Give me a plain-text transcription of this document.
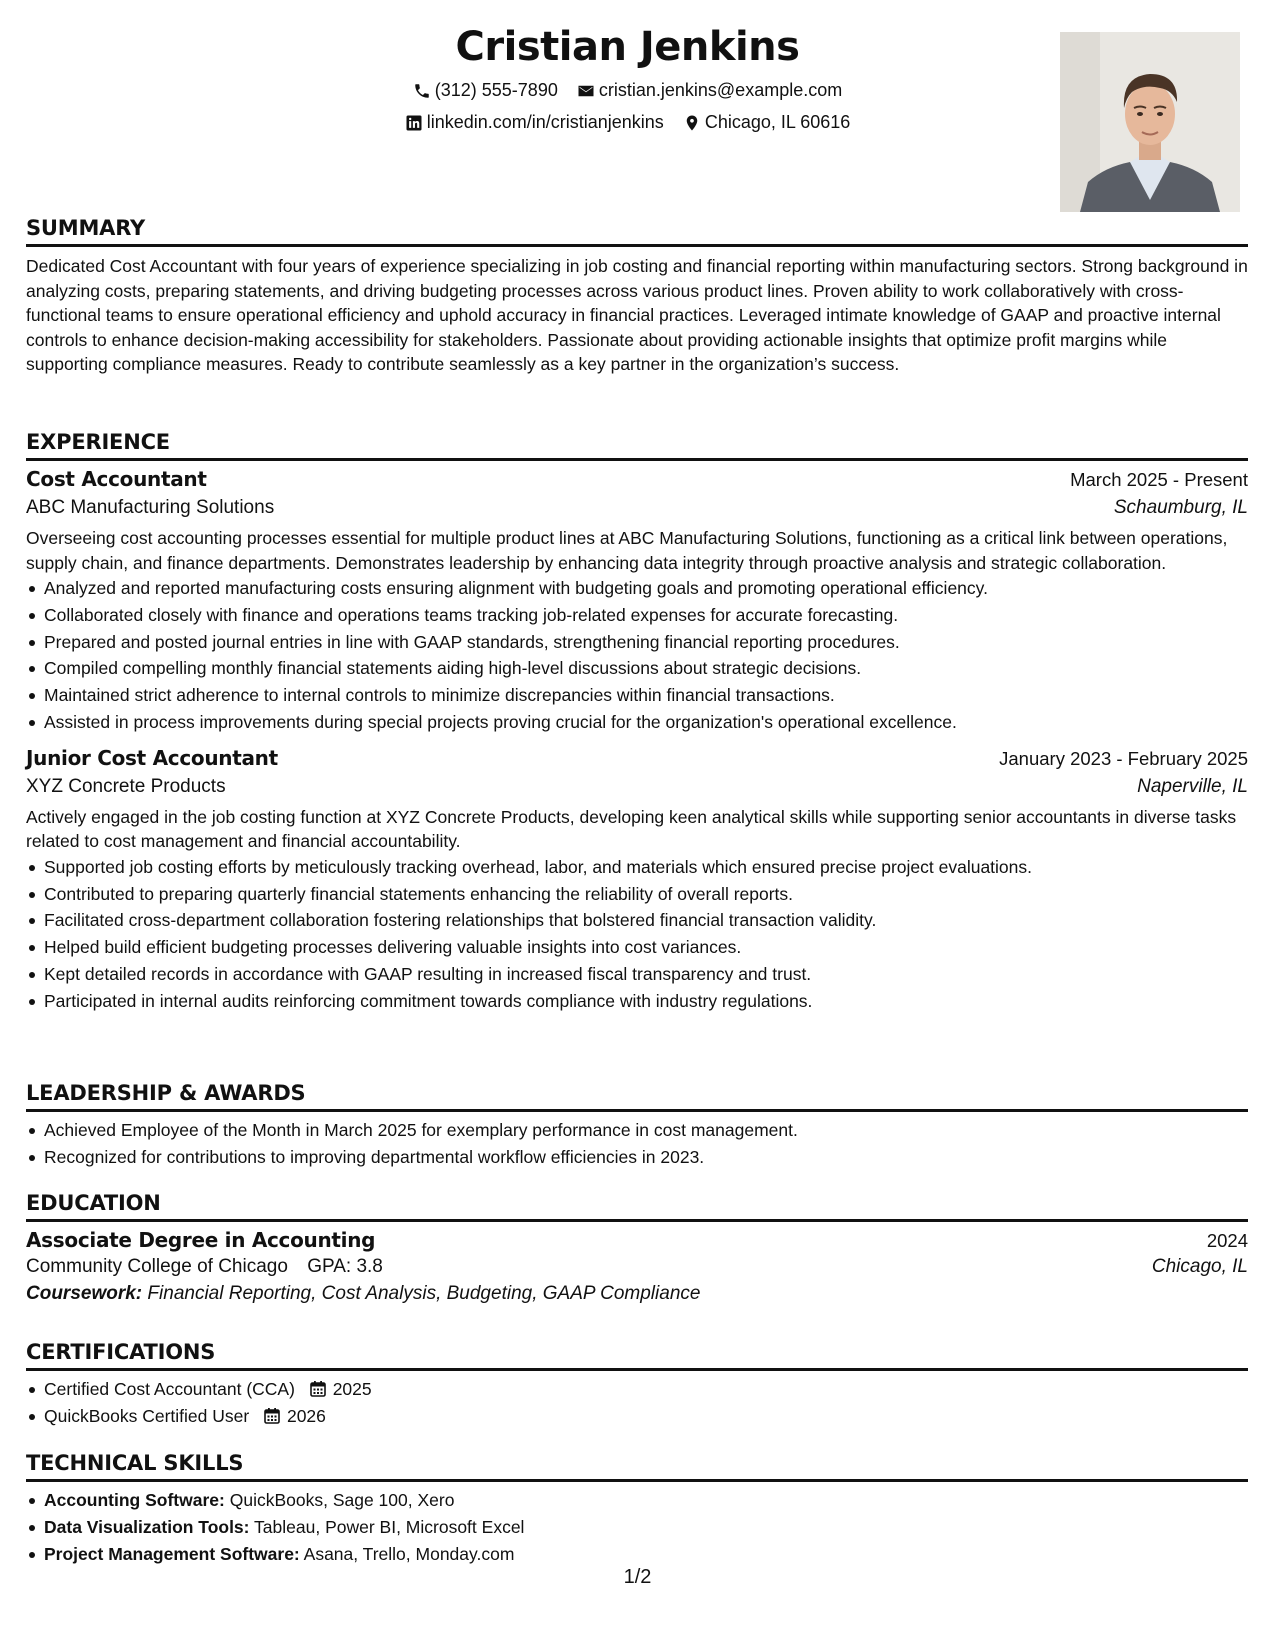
Cristian Jenkins
(312) 555-7890
cristian.jenkins@example.com
linkedin.com/in/cristianjenkins
Chicago, IL 60616
SUMMARY
Dedicated Cost Accountant with four years of experience specializing in job costing and financial reporting within manufacturing sectors. Strong background in analyzing costs, preparing statements, and driving budgeting processes across various product lines. Proven ability to work collaboratively with cross-functional teams to ensure operational efficiency and uphold accuracy in financial practices. Leveraged intimate knowledge of GAAP and proactive internal controls to enhance decision-making accessibility for stakeholders. Passionate about providing actionable insights that optimize profit margins while supporting compliance measures. Ready to contribute seamlessly as a key partner in the organization’s success.
EXPERIENCE
Cost Accountant	March 2025 - Present
ABC Manufacturing Solutions	Schaumburg, IL
Overseeing cost accounting processes essential for multiple product lines at ABC Manufacturing Solutions, functioning as a critical link between operations, supply chain, and finance departments. Demonstrates leadership by enhancing data integrity through proactive analysis and strategic collaboration.
Analyzed and reported manufacturing costs ensuring alignment with budgeting goals and promoting operational efficiency.
Collaborated closely with finance and operations teams tracking job-related expenses for accurate forecasting.
Prepared and posted journal entries in line with GAAP standards, strengthening financial reporting procedures.
Compiled compelling monthly financial statements aiding high-level discussions about strategic decisions.
Maintained strict adherence to internal controls to minimize discrepancies within financial transactions.
Assisted in process improvements during special projects proving crucial for the organization's operational excellence.
Junior Cost Accountant	January 2023 - February 2025
XYZ Concrete Products	Naperville, IL
Actively engaged in the job costing function at XYZ Concrete Products, developing keen analytical skills while supporting senior accountants in diverse tasks related to cost management and financial accountability.
Supported job costing efforts by meticulously tracking overhead, labor, and materials which ensured precise project evaluations.
Contributed to preparing quarterly financial statements enhancing the reliability of overall reports.
Facilitated cross-department collaboration fostering relationships that bolstered financial transaction validity.
Helped build efficient budgeting processes delivering valuable insights into cost variances.
Kept detailed records in accordance with GAAP resulting in increased fiscal transparency and trust.
Participated in internal audits reinforcing commitment towards compliance with industry regulations.
LEADERSHIP & AWARDS
Achieved Employee of the Month in March 2025 for exemplary performance in cost management.
Recognized for contributions to improving departmental workflow efficiencies in 2023.
EDUCATION
Associate Degree in Accounting	2024
Community College of Chicago GPA: 3.8	Chicago, IL
Coursework: Financial Reporting, Cost Analysis, Budgeting, GAAP Compliance
CERTIFICATIONS
Certified Cost Accountant (CCA) 2025
QuickBooks Certified User 2026
TECHNICAL SKILLS
Accounting Software: QuickBooks, Sage 100, Xero
Data Visualization Tools: Tableau, Power BI, Microsoft Excel
Project Management Software: Asana, Trello, Monday.com
1/2
